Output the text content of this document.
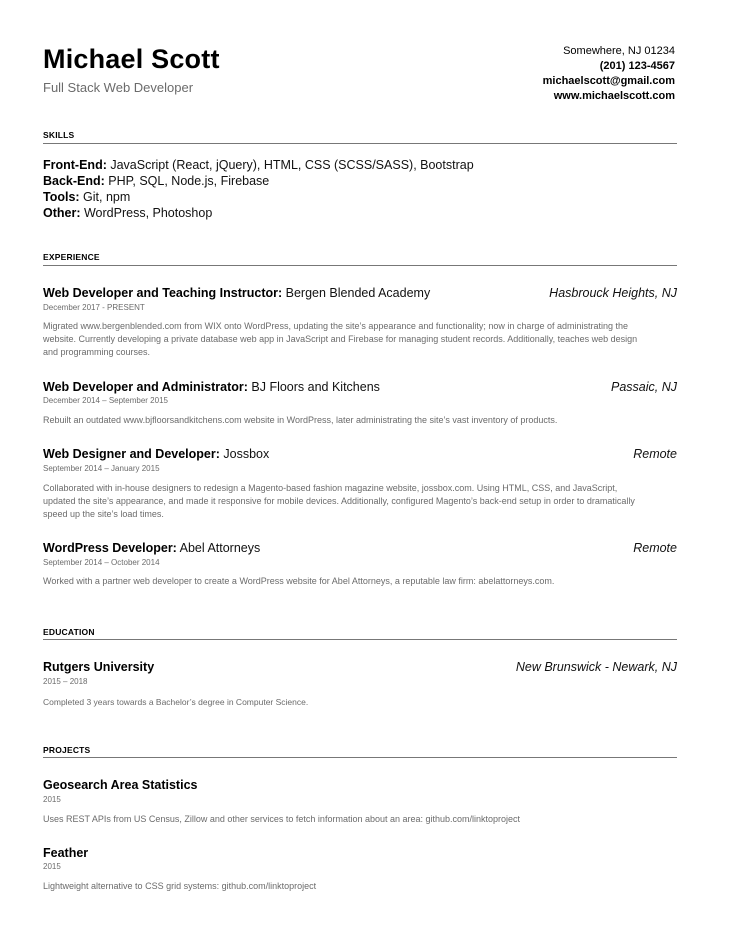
Michael Scott
Full Stack Web Developer
Somewhere, NJ 01234
(201) 123-4567
michaelscott@gmail.com
www.michaelscott.com
SKILLS
Front-End: JavaScript (React, jQuery), HTML, CSS (SCSS/SASS), Bootstrap
Back-End: PHP, SQL, Node.js, Firebase
Tools: Git, npm
Other: WordPress, Photoshop
EXPERIENCE
Web Developer and Teaching Instructor: Bergen Blended Academy	Hasbrouck Heights, NJ
December 2017 - PRESENT
Migrated www.bergenblended.com from WIX onto WordPress, updating the site’s appearance and functionality; now in charge of administrating the website. Currently developing a private database web app in JavaScript and Firebase for managing student records. Additionally, teaches web design and programming courses.
Web Developer and Administrator: BJ Floors and Kitchens	Passaic, NJ
December 2014 – September 2015
Rebuilt an outdated www.bjfloorsandkitchens.com website in WordPress, later administrating the site’s vast inventory of products.
Web Designer and Developer: Jossbox	Remote
September 2014 – January 2015
Collaborated with in-house designers to redesign a Magento-based fashion magazine website, jossbox.com. Using HTML, CSS, and JavaScript, updated the site’s appearance, and made it responsive for mobile devices. Additionally, configured Magento’s back-end setup in order to dramatically speed up the site’s load times.
WordPress Developer: Abel Attorneys	Remote
September 2014 – October 2014
Worked with a partner web developer to create a WordPress website for Abel Attorneys, a reputable law firm: abelattorneys.com.
EDUCATION
Rutgers University	New Brunswick - Newark, NJ
2015 – 2018
Completed 3 years towards a Bachelor’s degree in Computer Science.
PROJECTS
Geosearch Area Statistics
2015
Uses REST APIs from US Census, Zillow and other services to fetch information about an area: github.com/linktoproject
Feather
2015
Lightweight alternative to CSS grid systems: github.com/linktoproject
